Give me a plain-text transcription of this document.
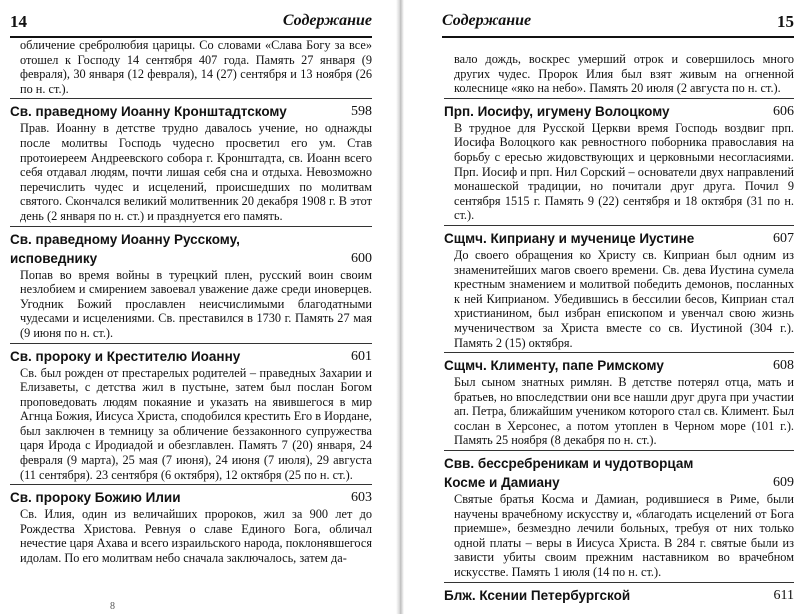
14	Содержание

обличение сребролюбия царицы. Со словами «Слава Богу за все» отошел к Господу 14 сентября 407 года. Память 27 января (9 февраля), 30 января (12 февраля), 14 (27) сентября и 13 ноября (26 по н. ст.).

Св. праведному Иоанну Кронштадтскому	598

Прав. Иоанну в детстве трудно давалось учение, но однажды после молитвы Господь чудесно просветил его ум. Став протоиереем Андреевского собора г. Кронштадта, св. Иоанн всего себя отдавал людям, почти лишая себя сна и отдыха. Невозможно перечислить чудес и исцелений, происшедших по молитвам святого. Скончался великий молитвенник 20 декабря 1908 г. В этот день (2 января по н. ст.) и празднуется его память.

Св. праведному Иоанну Русскому,
исповеднику	600

Попав во время войны в турецкий плен, русский воин своим незлобием и смирением завоевал уважение даже среди иноверцев. Угодник Божий прославлен неисчислимыми благодатными чудесами и исцелениями. Св. преставился в 1730 г. Память 27 мая (9 июня по н. ст.).

Св. пророку и Крестителю Иоанну	601

Св. был рожден от престарелых родителей – праведных Захарии и Елизаветы, с детства жил в пустыне, затем был послан Богом проповедовать людям покаяние и указать на явившегося в мир Агнца Божия, Иисуса Христа, сподобился крестить Его в Иордане, был заключен в темницу за обличение беззаконного супружества царя Ирода с Иродиадой и обезглавлен. Память 7 (20) января, 24 февраля (9 марта), 25 мая (7 июня), 24 июня (7 июля), 29 августа (11 сентября). 23 сентября (6 октября), 12 октября (25 по н. ст.).

Св. пророку Божию Илии	603

Св. Илия, один из величайших пророков, жил за 900 лет до Рождества Христова. Ревнуя о славе Единого Бога, обличал нечестие царя Ахава и всего израильского народа, поклонявшегося идолам. По его молитвам небо сначала заключалось, затем да-

8
Содержание	15

вало дождь, воскрес умерший отрок и совершилось много других чудес. Пророк Илия был взят живым на огненной колеснице «яко на небо». Память 20 июля (2 августа по н. ст.).

Прп. Иосифу, игумену Волоцкому	606

В трудное для Русской Церкви время Господь воздвиг прп. Иосифа Волоцкого как ревностного поборника православия на борьбу с ересью жидовствующих и церковными несогласиями. Прп. Иосиф и прп. Нил Сорский – основатели двух направлений монашеской традиции, но почитали друг друга. Почил 9 сентября 1515 г. Память 9 (22) сентября и 18 октября (31 по н. ст.).

Сщмч. Киприану и мученице Иустине	607

До своего обращения ко Христу св. Киприан был одним из знаменитейших магов своего времени. Св. дева Иустина сумела крестным знамением и молитвой победить демонов, посланных к ней Киприаном. Убедившись в бессилии бесов, Киприан стал христианином, был избран епископом и увенчал свою жизнь мученичеством за Христа вместе со св. Иустиной (304 г.). Память 2 (15) октября.

Сщмч. Клименту, папе Римскому	608

Был сыном знатных римлян. В детстве потерял отца, мать и братьев, но впоследствии они все нашли друг друга при участии ап. Петра, ближайшим учеником которого стал св. Климент. Был сослан в Херсонес, а потом утоплен в Черном море (101 г.). Память 25 ноября (8 декабря по н. ст.).

Свв. бессребреникам и чудотворцам
Косме и Дамиану	609

Святые братья Косма и Дамиан, родившиеся в Риме, были научены врачебному искусству и, «благодать исцелений от Бога приемше», безмездно лечили больных, требуя от них только одной платы – веры в Иисуса Христа. В 284 г. святые были из зависти убиты своим прежним наставником во врачебном искусстве. Память 1 июля (14 по н. ст.).

Блж. Ксении Петербургской	611
